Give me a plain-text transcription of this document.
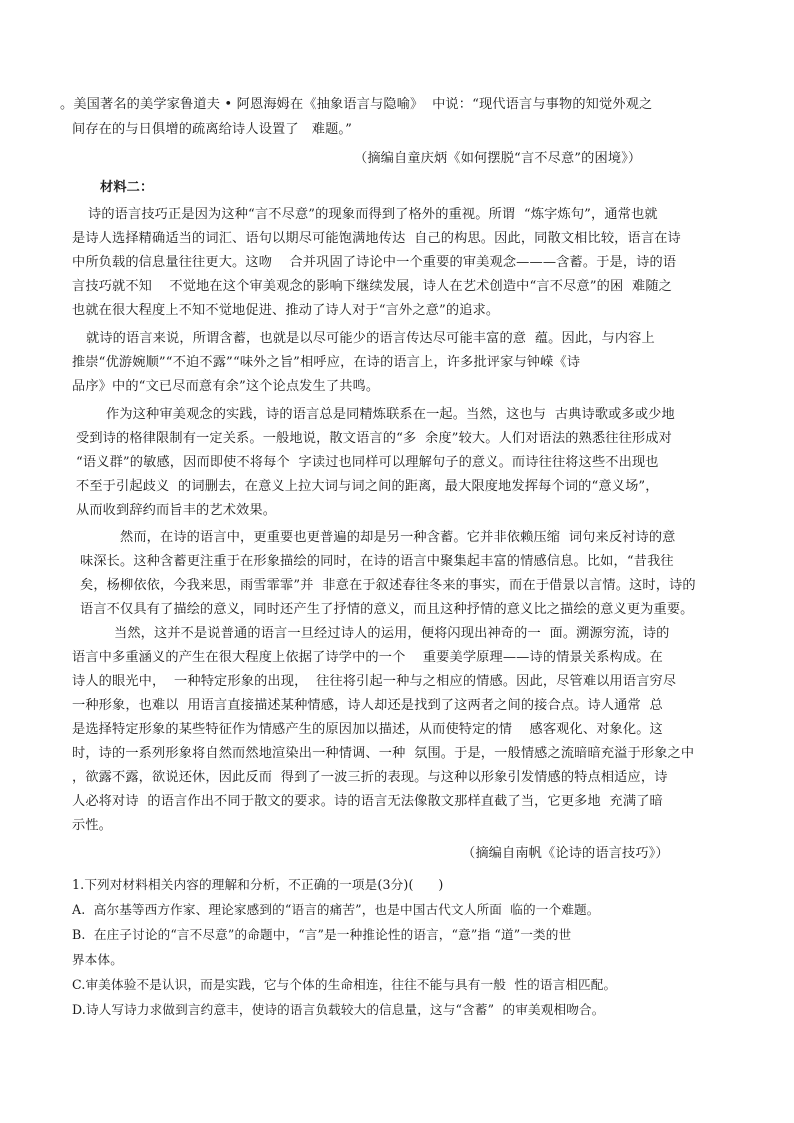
。美国著名的美学家鲁道夫 • 阿恩海姆在《抽象语言与隐喻》  中说：“现代语言与事物的知觉外观之
间存在的与日俱增的疏离给诗人设置了   难题。”
（摘编自童庆炳《如何摆脱“言不尽意”的困境》）
材料二：
诗的语言技巧正是因为这种“言不尽意”的现象而得到了格外的重视。所谓  “炼字炼句”，通常也就
是诗人选择精确适当的词汇、语句以期尽可能饱满地传达  自己的构思。因此，同散文相比较，语言在诗
中所负载的信息量往往更大。这吻    合并巩固了诗论中一个重要的审美观念———含蓄。于是，诗的语
言技巧就不知    不觉地在这个审美观念的影响下继续发展，诗人在艺术创造中“言不尽意”的困  难随之
也就在很大程度上不知不觉地促进、推动了诗人对于“言外之意”的追求。
就诗的语言来说，所谓含蓄，也就是以尽可能少的语言传达尽可能丰富的意  蕴。因此，与内容上
推崇“优游婉顺”“不迫不露”“味外之旨”相呼应，在诗的语言上，许多批评家与钟嵘《诗
品序》中的“文已尽而意有余”这个论点发生了共鸣。
作为这种审美观念的实践，诗的语言总是同精炼联系在一起。当然，这也与  古典诗歌或多或少地
受到诗的格律限制有一定关系。一般地说，散文语言的“多  余度”较大。人们对语法的熟悉往往形成对
“语义群”的敏感，因而即使不将每个  字读过也同样可以理解句子的意义。而诗往往将这些不出现也
不至于引起歧义  的词删去，在意义上拉大词与词之间的距离，最大限度地发挥每个词的“意义场”，
从而收到辞约而旨丰的艺术效果。
然而，在诗的语言中，更重要也更普遍的却是另一种含蓄。它并非依赖压缩  词句来反衬诗的意
味深长。这种含蓄更注重于在形象描绘的同时，在诗的语言中聚集起丰富的情感信息。比如，“昔我往
矣，杨柳依依，今我来思，雨雪霏霏”并  非意在于叙述春往冬来的事实，而在于借景以言情。这时，诗的
语言不仅具有了描绘的意义，同时还产生了抒情的意义，而且这种抒情的意义比之描绘的意义更为重要。
当然，这并不是说普通的语言一旦经过诗人的运用，便将闪现出神奇的一  面。溯源穷流，诗的
语言中多重涵义的产生在很大程度上依据了诗学中的一个    重要美学原理——诗的情景关系构成。在
诗人的眼光中，  一种特定形象的出现，  往往将引起一种与之相应的情感。因此，尽管难以用语言穷尽
一种形象，也难以  用语言直接描述某种情感，诗人却还是找到了这两者之间的接合点。诗人通常  总
是选择特定形象的某些特征作为情感产生的原因加以描述，从而使特定的情    感客观化、对象化。这
时，诗的一系列形象将自然而然地渲染出一种情调、一种  氛围。于是，一般情感之流暗暗充溢于形象之中
，欲露不露，欲说还休，因此反而  得到了一波三折的表现。与这种以形象引发情感的特点相适应，诗
人必将对诗  的语言作出不同于散文的要求。诗的语言无法像散文那样直截了当，它更多地  充满了暗
示性。
（摘编自南帆《论诗的语言技巧》）
1.下列对材料相关内容的理解和分析，不正确的一项是(3分)(      )
A.  高尔基等西方作家、理论家感到的“语言的痛苦”，也是中国古代文人所面  临的一个难题。
B.  在庄子讨论的“言不尽意”的命题中，“言”是一种推论性的语言，“意”指 “道”一类的世
界本体。
C.审美体验不是认识，而是实践，它与个体的生命相连，往往不能与具有一般  性的语言相匹配。
D.诗人写诗力求做到言约意丰，使诗的语言负载较大的信息量，这与“含蓄”  的审美观相吻合。
